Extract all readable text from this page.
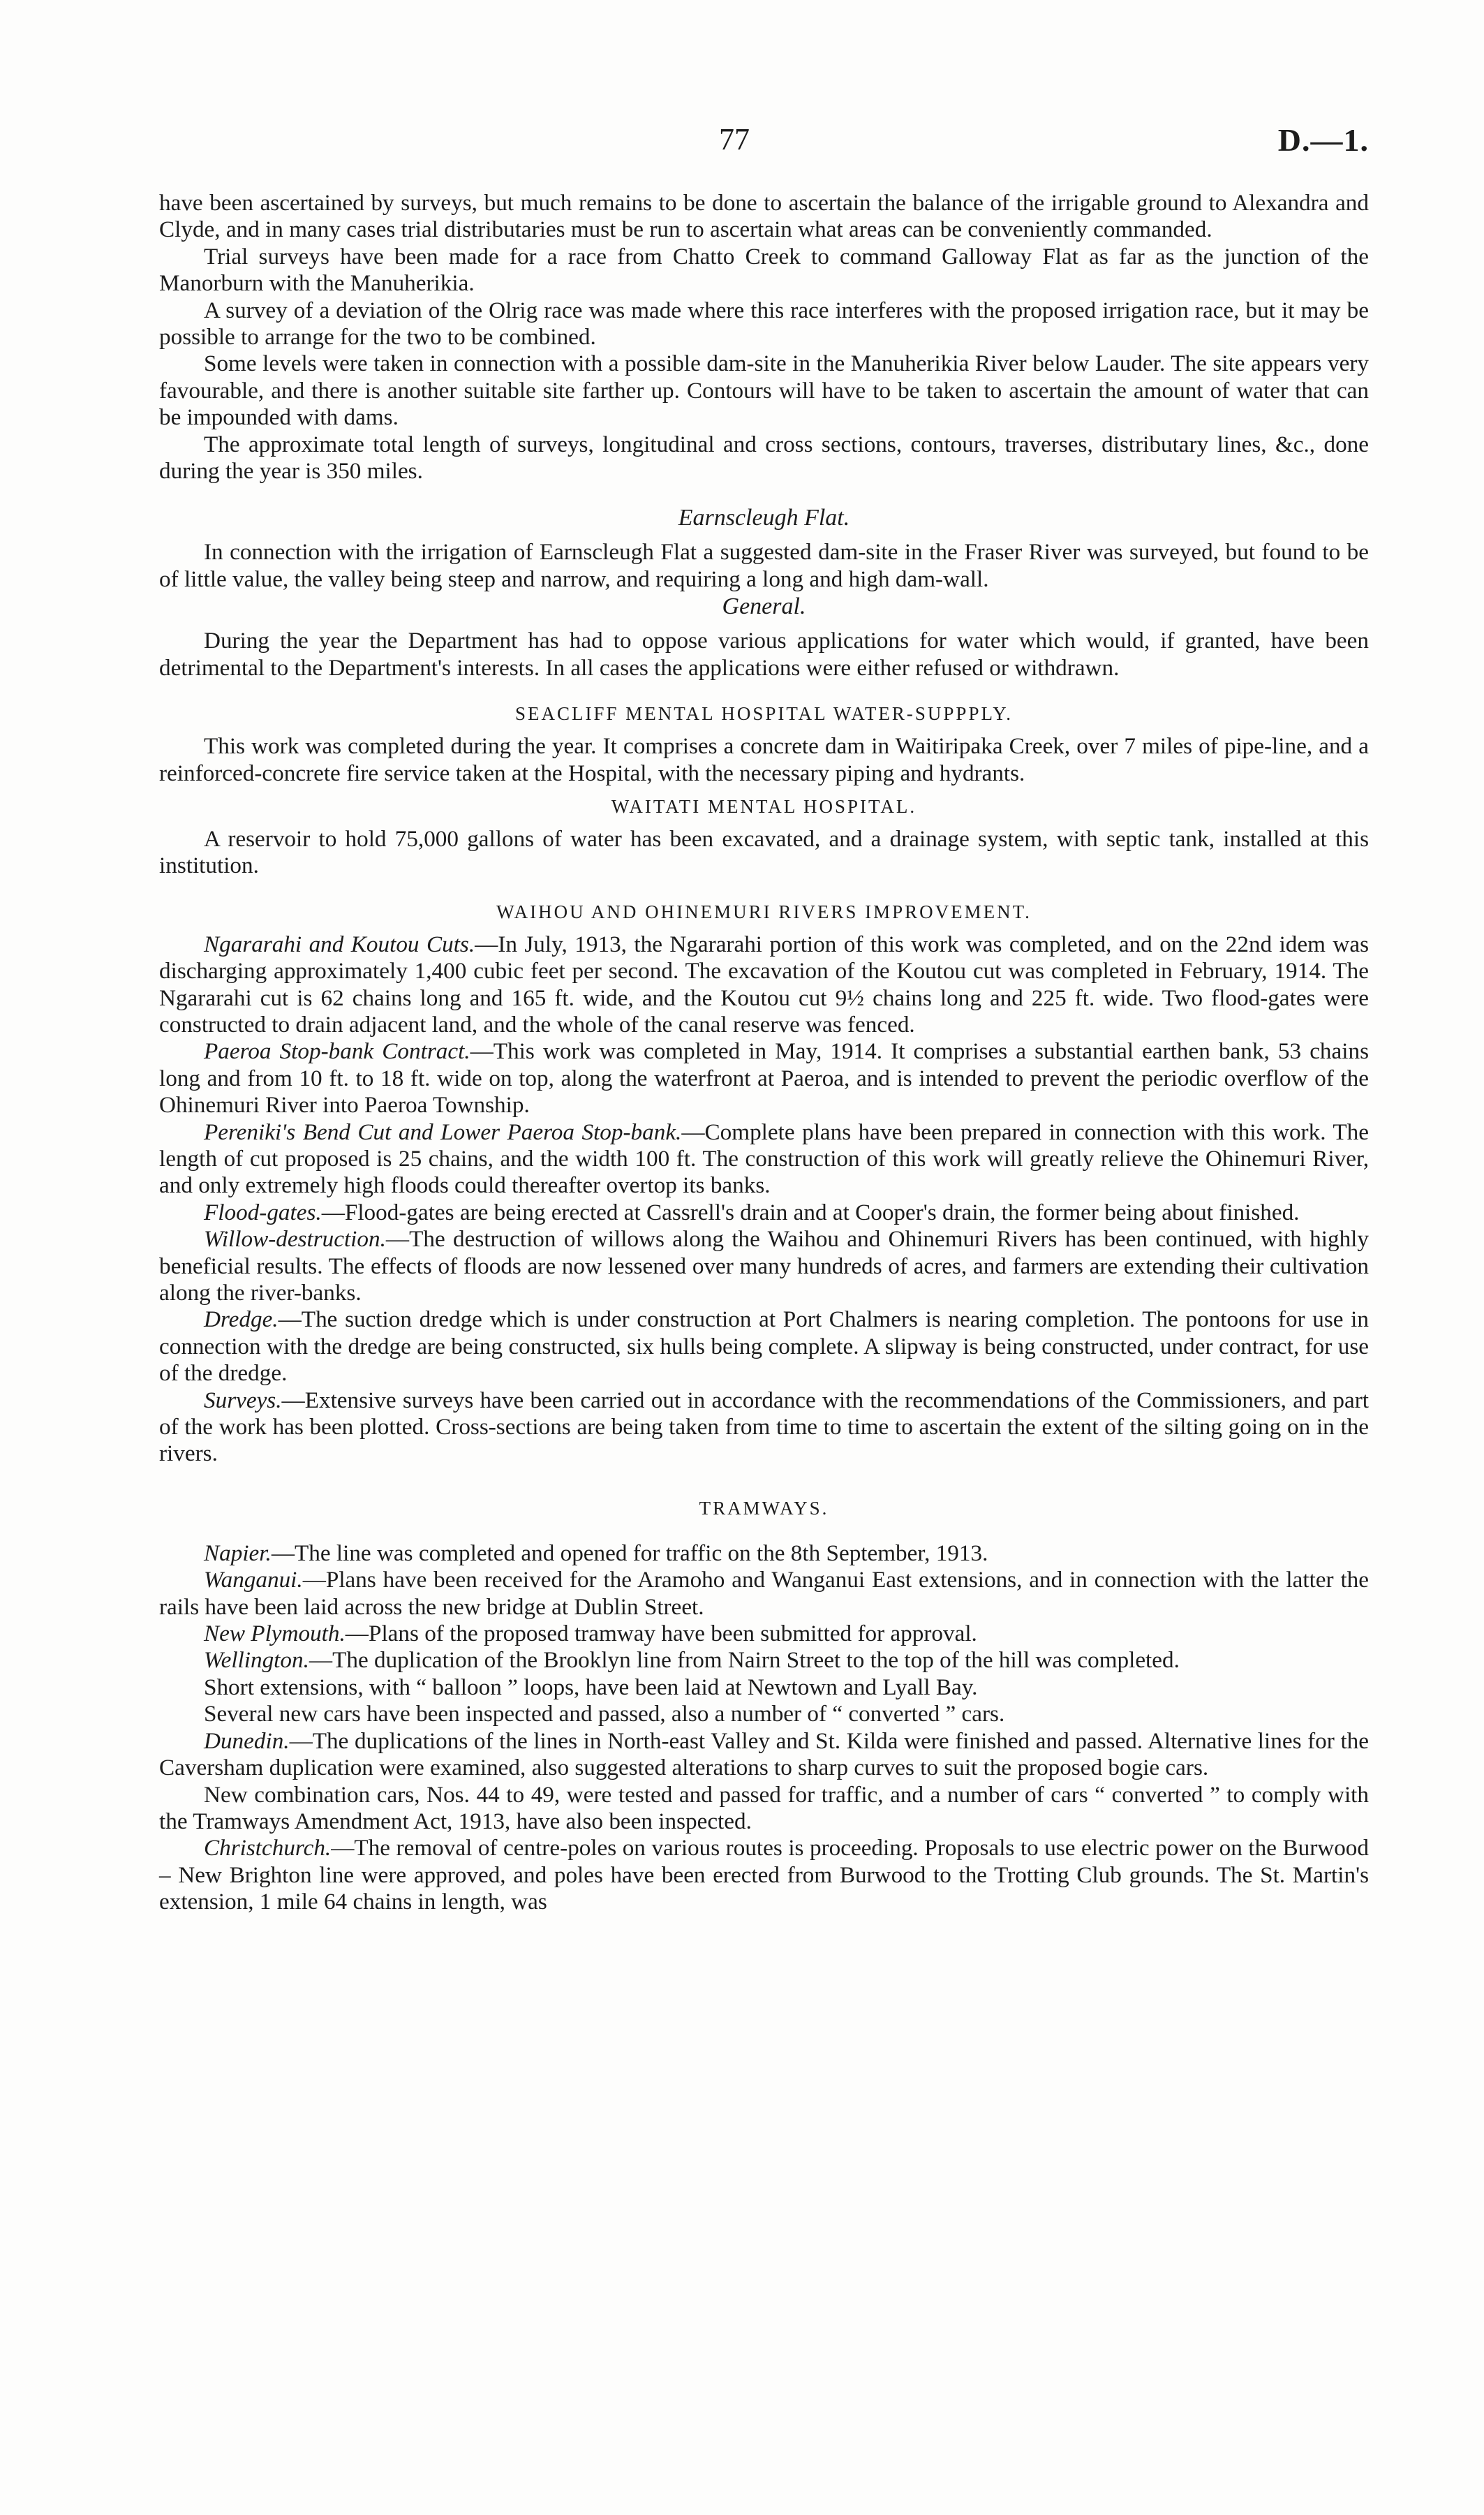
77	D.—1.

have been ascertained by surveys, but much remains to be done to ascertain the balance of the irrigable ground to Alexandra and Clyde, and in many cases trial distributaries must be run to ascertain what areas can be conveniently commanded.

Trial surveys have been made for a race from Chatto Creek to command Galloway Flat as far as the junction of the Manorburn with the Manuherikia.

A survey of a deviation of the Olrig race was made where this race interferes with the proposed irrigation race, but it may be possible to arrange for the two to be combined.

Some levels were taken in connection with a possible dam-site in the Manuherikia River below Lauder. The site appears very favourable, and there is another suitable site farther up. Contours will have to be taken to ascertain the amount of water that can be impounded with dams.

The approximate total length of surveys, longitudinal and cross sections, contours, traverses, distributary lines, &c., done during the year is 350 miles.

Earnscleugh Flat.

In connection with the irrigation of Earnscleugh Flat a suggested dam-site in the Fraser River was surveyed, but found to be of little value, the valley being steep and narrow, and requiring a long and high dam-wall.

General.

During the year the Department has had to oppose various applications for water which would, if granted, have been detrimental to the Department's interests. In all cases the applications were either refused or withdrawn.

SEACLIFF MENTAL HOSPITAL WATER-SUPPPLY.

This work was completed during the year. It comprises a concrete dam in Waitiripaka Creek, over 7 miles of pipe-line, and a reinforced-concrete fire service taken at the Hospital, with the necessary piping and hydrants.

WAITATI MENTAL HOSPITAL.

A reservoir to hold 75,000 gallons of water has been excavated, and a drainage system, with septic tank, installed at this institution.

WAIHOU AND OHINEMURI RIVERS IMPROVEMENT.

Ngararahi and Koutou Cuts.—In July, 1913, the Ngararahi portion of this work was completed, and on the 22nd idem was discharging approximately 1,400 cubic feet per second. The excavation of the Koutou cut was completed in February, 1914. The Ngararahi cut is 62 chains long and 165 ft. wide, and the Koutou cut 9½ chains long and 225 ft. wide. Two flood-gates were constructed to drain adjacent land, and the whole of the canal reserve was fenced.

Paeroa Stop-bank Contract.—This work was completed in May, 1914. It comprises a substantial earthen bank, 53 chains long and from 10 ft. to 18 ft. wide on top, along the waterfront at Paeroa, and is intended to prevent the periodic overflow of the Ohinemuri River into Paeroa Township.

Pereniki's Bend Cut and Lower Paeroa Stop-bank.—Complete plans have been prepared in connection with this work. The length of cut proposed is 25 chains, and the width 100 ft. The construction of this work will greatly relieve the Ohinemuri River, and only extremely high floods could thereafter overtop its banks.

Flood-gates.—Flood-gates are being erected at Cassrell's drain and at Cooper's drain, the former being about finished.

Willow-destruction.—The destruction of willows along the Waihou and Ohinemuri Rivers has been continued, with highly beneficial results. The effects of floods are now lessened over many hundreds of acres, and farmers are extending their cultivation along the river-banks.

Dredge.—The suction dredge which is under construction at Port Chalmers is nearing completion. The pontoons for use in connection with the dredge are being constructed, six hulls being complete. A slipway is being constructed, under contract, for use of the dredge.

Surveys.—Extensive surveys have been carried out in accordance with the recommendations of the Commissioners, and part of the work has been plotted. Cross-sections are being taken from time to time to ascertain the extent of the silting going on in the rivers.

TRAMWAYS.

Napier.—The line was completed and opened for traffic on the 8th September, 1913.

Wanganui.—Plans have been received for the Aramoho and Wanganui East extensions, and in connection with the latter the rails have been laid across the new bridge at Dublin Street.

New Plymouth.—Plans of the proposed tramway have been submitted for approval.

Wellington.—The duplication of the Brooklyn line from Nairn Street to the top of the hill was completed.

Short extensions, with “ balloon ” loops, have been laid at Newtown and Lyall Bay.

Several new cars have been inspected and passed, also a number of “ converted ” cars.

Dunedin.—The duplications of the lines in North-east Valley and St. Kilda were finished and passed. Alternative lines for the Caversham duplication were examined, also suggested alterations to sharp curves to suit the proposed bogie cars.

New combination cars, Nos. 44 to 49, were tested and passed for traffic, and a number of cars “ converted ” to comply with the Tramways Amendment Act, 1913, have also been inspected.

Christchurch.—The removal of centre-poles on various routes is proceeding. Proposals to use electric power on the Burwood – New Brighton line were approved, and poles have been erected from Burwood to the Trotting Club grounds. The St. Martin's extension, 1 mile 64 chains in length, was
